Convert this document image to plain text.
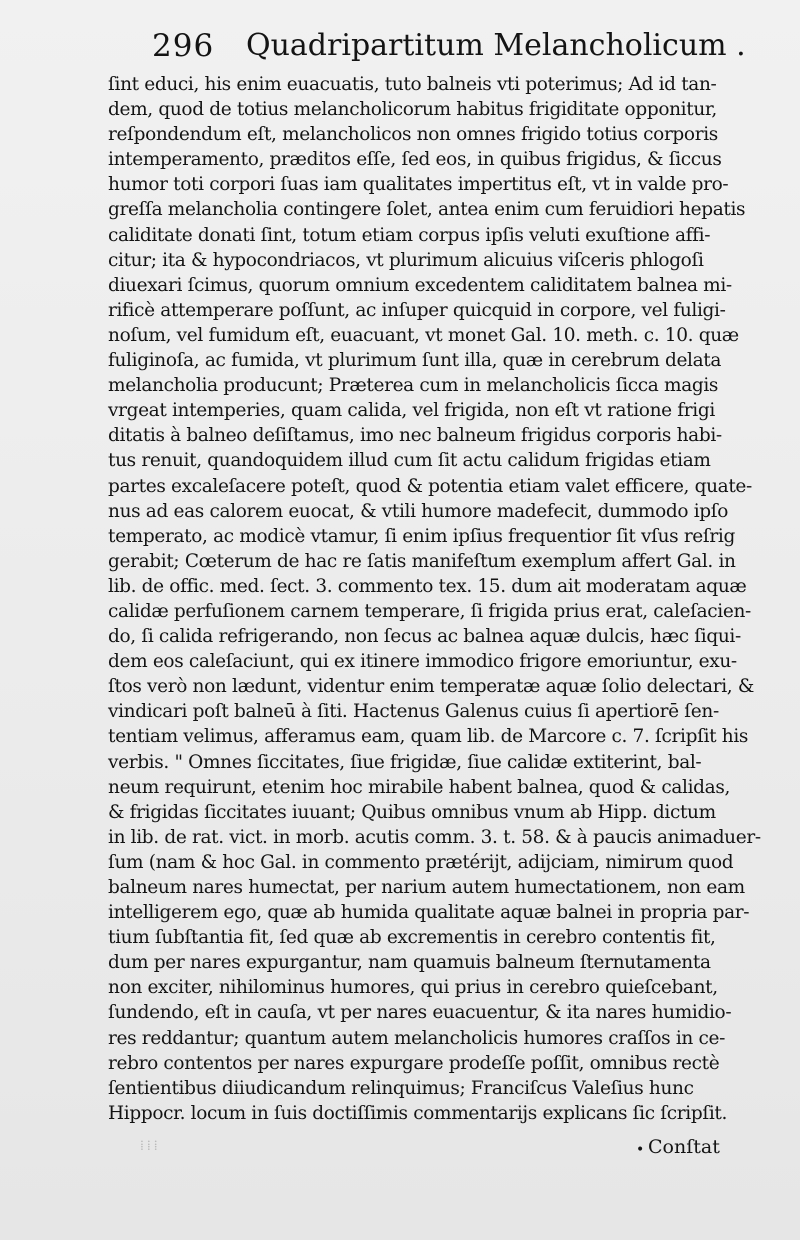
296 Quadripartitum Melancholicum .
ſint educi, his enim euacuatis, tuto balneis vti poterimus; Ad id tan-
dem, quod de totius melancholicorum habitus frigiditate opponitur,
reſpondendum eſt, melancholicos non omnes frigido totius corporis
intemperamento, præditos eſſe, ſed eos, in quibus frigidus, & ſiccus
humor toti corpori ſuas iam qualitates impertitus eſt, vt in valde pro-
greſſa melancholia contingere ſolet, antea enim cum feruidiori hepatis
caliditate donati ſint, totum etiam corpus ipſis veluti exuſtione affi-
citur; ita & hypocondriacos, vt plurimum alicuius viſceris phlogoſi
diuexari ſcimus, quorum omnium excedentem caliditatem balnea mi-
rificè attemperare poſſunt, ac inſuper quicquid in corpore, vel fuligi-
noſum, vel fumidum eſt, euacuant, vt monet Gal. 10. meth. c. 10. quæ
fuliginoſa, ac fumida, vt plurimum ſunt illa, quæ in cerebrum delata
melancholia producunt; Præterea cum in melancholicis ſicca magis
vrgeat intemperies, quam calida, vel frigida, non eſt vt ratione frigi
ditatis à balneo deſiſtamus, imo nec balneum frigidus corporis habi-
tus renuit, quandoquidem illud cum ſit actu calidum frigidas etiam
partes excaleſacere poteſt, quod & potentia etiam valet efficere, quate-
nus ad eas calorem euocat, & vtili humore madefecit, dummodo ipſo
temperato, ac modicè vtamur, ſi enim ipſius frequentior ſit vſus reſrig
gerabit; Cœterum de hac re ſatis manifeſtum exemplum affert Gal. in
lib. de offic. med. ſect. 3. commento tex. 15. dum ait moderatam aquæ
calidæ perfuſionem carnem temperare, ſi frigida prius erat, caleſacien-
do, ſi calida refrigerando, non ſecus ac balnea aquæ dulcis, hæc ſiqui-
dem eos caleſaciunt, qui ex itinere immodico frigore emoriuntur, exu-
ſtos verò non lædunt, videntur enim temperatæ aquæ ſolio delectari, &
vindicari poſt balneū à ſiti. Hactenus Galenus cuius ſi apertiorē ſen-
tentiam velimus, afferamus eam, quam lib. de Marcore c. 7. ſcripſit his
verbis. " Omnes ſiccitates, ſiue frigidæ, ſiue calidæ extiterint, bal-
neum requirunt, etenim hoc mirabile habent balnea, quod & calidas,
& frigidas ſiccitates iuuant; Quibus omnibus vnum ab Hipp. dictum
in lib. de rat. vict. in morb. acutis comm. 3. t. 58. & à paucis animaduer-
ſum (nam & hoc Gal. in commento prætérijt, adijciam, nimirum quod
balneum nares humectat, per narium autem humectationem, non eam
intelligerem ego, quæ ab humida qualitate aquæ balnei in propria par-
tium ſubſtantia fit, ſed quæ ab excrementis in cerebro contentis fit,
dum per nares expurgantur, nam quamuis balneum ſternutamenta
non exciter, nihilominus humores, qui prius in cerebro quieſcebant,
ſundendo, eſt in cauſa, vt per nares euacuentur, & ita nares humidio-
res reddantur; quantum autem melancholicis humores craſſos in ce-
rebro contentos per nares expurgare prodeſſe poſſit, omnibus rectè
ſentientibus diiudicandum relinquimus; Franciſcus Valeſius hunc
Hippocr. locum in ſuis doctiſſimis commentarijs explicans ſic ſcripſit.
• Conſtat
⁞⁞⁞
